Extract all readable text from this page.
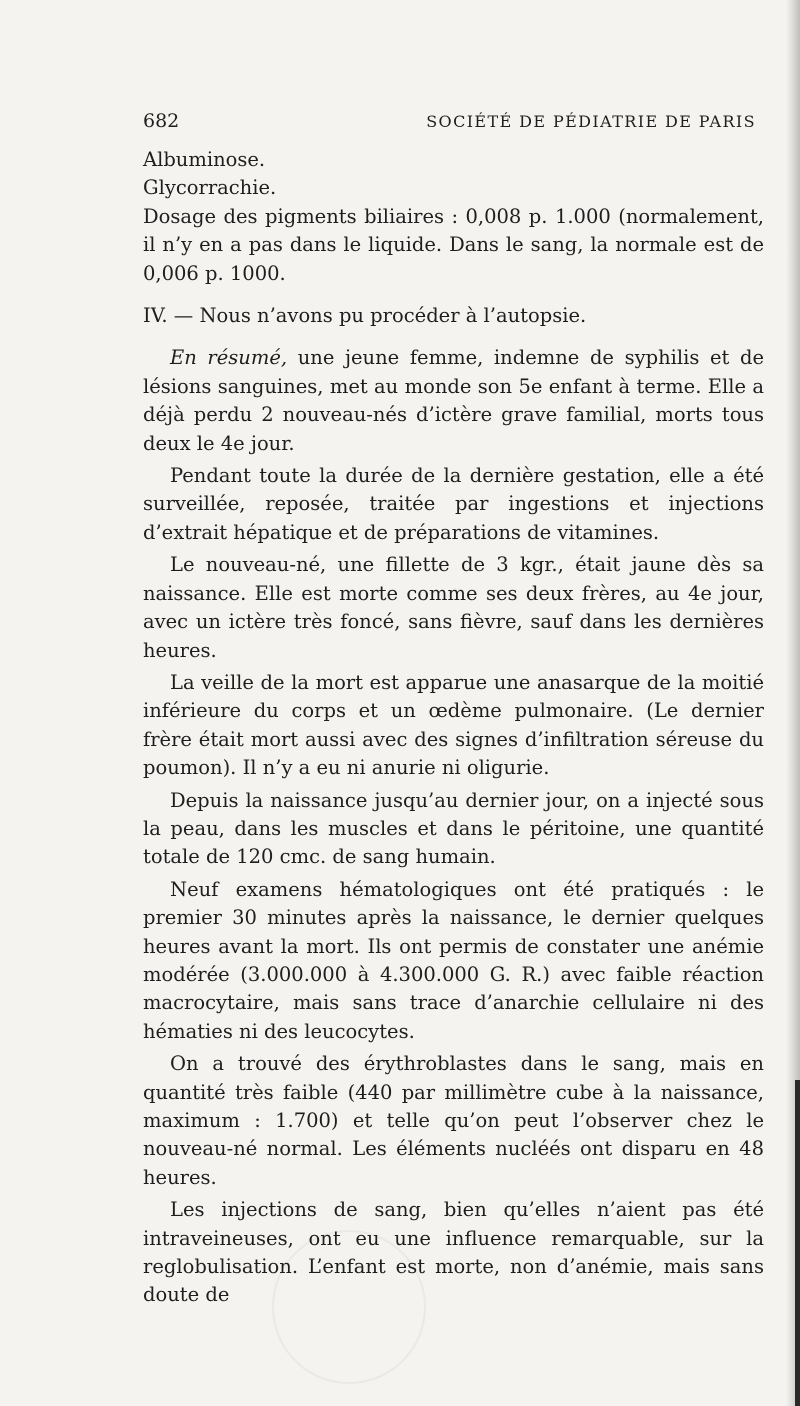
682	SOCIÉTÉ DE PÉDIATRIE DE PARIS
Albuminose.
Glycorrachie.

Dosage des pigments biliaires : 0,008 p. 1.000 (normalement, il n’y en a pas dans le liquide. Dans le sang, la normale est de 0,006 p. 1000.

IV. — Nous n’avons pu procéder à l’autopsie.

En résumé, une jeune femme, indemne de syphilis et de lésions sanguines, met au monde son 5e enfant à terme. Elle a déjà perdu 2 nouveau-nés d’ictère grave familial, morts tous deux le 4e jour.

Pendant toute la durée de la dernière gestation, elle a été surveillée, reposée, traitée par ingestions et injections d’extrait hépatique et de préparations de vitamines.

Le nouveau-né, une fillette de 3 kgr., était jaune dès sa naissance. Elle est morte comme ses deux frères, au 4e jour, avec un ictère très foncé, sans fièvre, sauf dans les dernières heures.

La veille de la mort est apparue une anasarque de la moitié inférieure du corps et un œdème pulmonaire. (Le dernier frère était mort aussi avec des signes d’infiltration séreuse du poumon). Il n’y a eu ni anurie ni oligurie.

Depuis la naissance jusqu’au dernier jour, on a injecté sous la peau, dans les muscles et dans le péritoine, une quantité totale de 120 cmc. de sang humain.

Neuf examens hématologiques ont été pratiqués : le premier 30 minutes après la naissance, le dernier quelques heures avant la mort. Ils ont permis de constater une anémie modérée (3.000.000 à 4.300.000 G. R.) avec faible réaction macrocytaire, mais sans trace d’anarchie cellulaire ni des hématies ni des leucocytes.

On a trouvé des érythroblastes dans le sang, mais en quantité très faible (440 par millimètre cube à la naissance, maximum : 1.700) et telle qu’on peut l’observer chez le nouveau-né normal. Les éléments nucléés ont disparu en 48 heures.

Les injections de sang, bien qu’elles n’aient pas été intraveineuses, ont eu une influence remarquable, sur la reglobulisation. L’enfant est morte, non d’anémie, mais sans doute de
